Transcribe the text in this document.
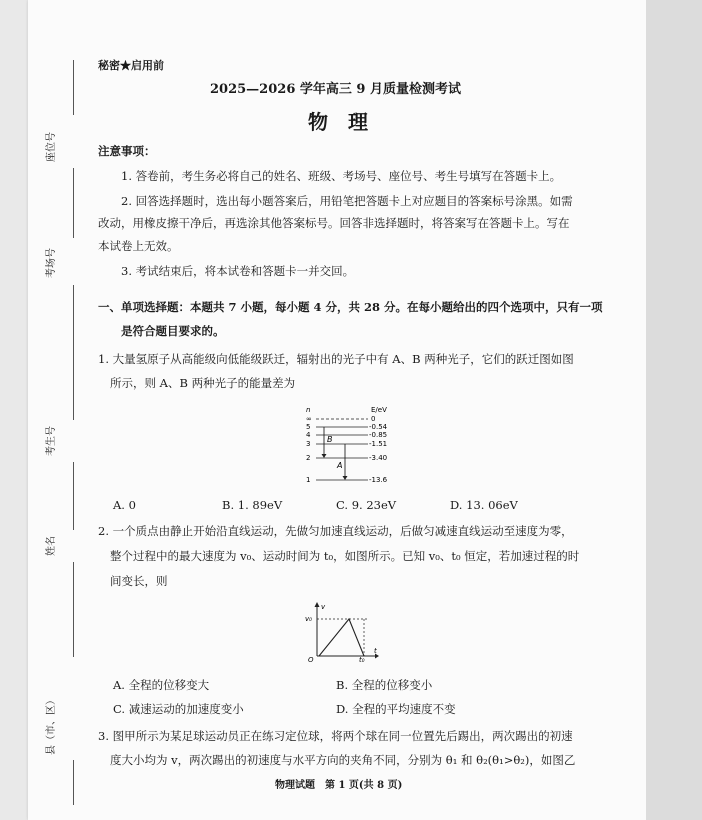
座位号
考场号
考生号
姓名
县（市、区）
秘密★启用前
2025—2026 学年高三 9 月质量检测考试
物　理
注意事项：
1. 答卷前，考生务必将自己的姓名、班级、考场号、座位号、考生号填写在答题卡上。
2. 回答选择题时，选出每小题答案后，用铅笔把答题卡上对应题目的答案标号涂黑。如需
改动，用橡皮擦干净后，再选涂其他答案标号。回答非选择题时，将答案写在答题卡上。写在
本试卷上无效。
3. 考试结束后，将本试卷和答题卡一并交回。
一、单项选择题：本题共 7 小题，每小题 4 分，共 28 分。在每小题给出的四个选项中，只有一项
是符合题目要求的。
1. 大量氢原子从高能级向低能级跃迁，辐射出的光子中有 A、B 两种光子，它们的跃迁图如图
所示，则 A、B 两种光子的能量差为
n	E/eV
∞
5
4
3
2
1
0
-0.54
-0.85
-1.51
-3.40
-13.6
B
A
A. 0	B. 1. 89eV	C. 9. 23eV	D. 13. 06eV
2. 一个质点由静止开始沿直线运动，先做匀加速直线运动，后做匀减速直线运动至速度为零，
整个过程中的最大速度为 v₀、运动时间为 t₀，如图所示。已知 v₀、t₀ 恒定，若加速过程的时
间变长，则
v
t
O
v₀
t₀
A. 全程的位移变大	B. 全程的位移变小
C. 减速运动的加速度变小	D. 全程的平均速度不变
3. 图甲所示为某足球运动员正在练习定位球，将两个球在同一位置先后踢出，两次踢出的初速
度大小均为 v，两次踢出的初速度与水平方向的夹角不同，分别为 θ₁ 和 θ₂(θ₁>θ₂)，如图乙
物理试题　第 1 页(共 8 页)
